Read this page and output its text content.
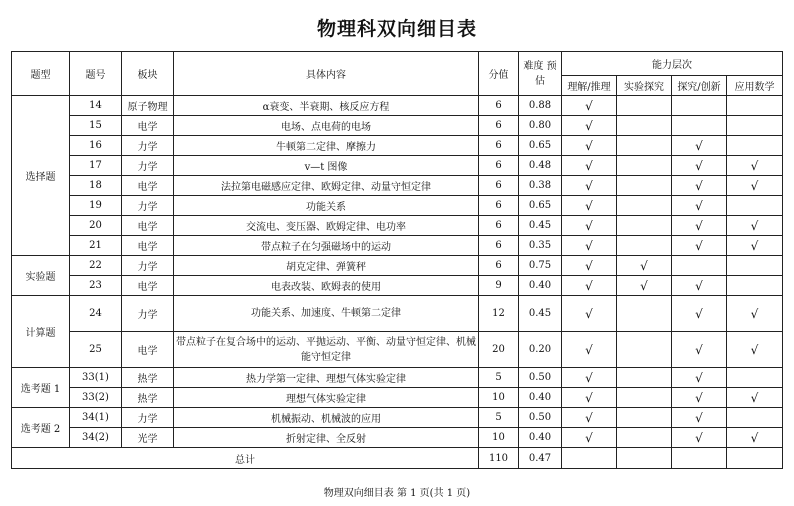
物理科双向细目表
题型	题号	板块	具体内容	分值	难度 预估	能力层次			
						理解/推理	实验探究	探究/创新	应用数学
选择题	14	原子物理	α衰变、半衰期、核反应方程	6	0.88	√			
	15	电学	电场、点电荷的电场	6	0.80	√			
	16	力学	牛顿第二定律、摩擦力	6	0.65	√		√	
	17	力学	v—t 图像	6	0.48	√		√	√
	18	电学	法拉第电磁感应定律、欧姆定律、动量守恒定律	6	0.38	√		√	√
	19	力学	功能关系	6	0.65	√		√	
	20	电学	交流电、变压器、欧姆定律、电功率	6	0.45	√		√	√
	21	电学	带点粒子在匀强磁场中的运动	6	0.35	√		√	√
实验题	22	力学	胡克定律、弹簧秤	6	0.75	√	√		
	23	电学	电表改装、欧姆表的使用	9	0.40	√	√	√	
计算题	24	力学	功能关系、加速度、牛顿第二定律	12	0.45	√		√	√
	25	电学	带点粒子在复合场中的运动、平抛运动、平衡、动量守恒定律、机械能守恒定律	20	0.20	√		√	√
选考题 1	33(1)	热学	热力学第一定律、理想气体实验定律	5	0.50	√		√	
	33(2)	热学	理想气体实验定律	10	0.40	√		√	√
选考题 2	34(1)	力学	机械振动、机械波的应用	5	0.50	√		√	
	34(2)	光学	折射定律、全反射	10	0.40	√		√	√
总计				110	0.47				
物理双向细目表 第 1 页(共 1 页)
